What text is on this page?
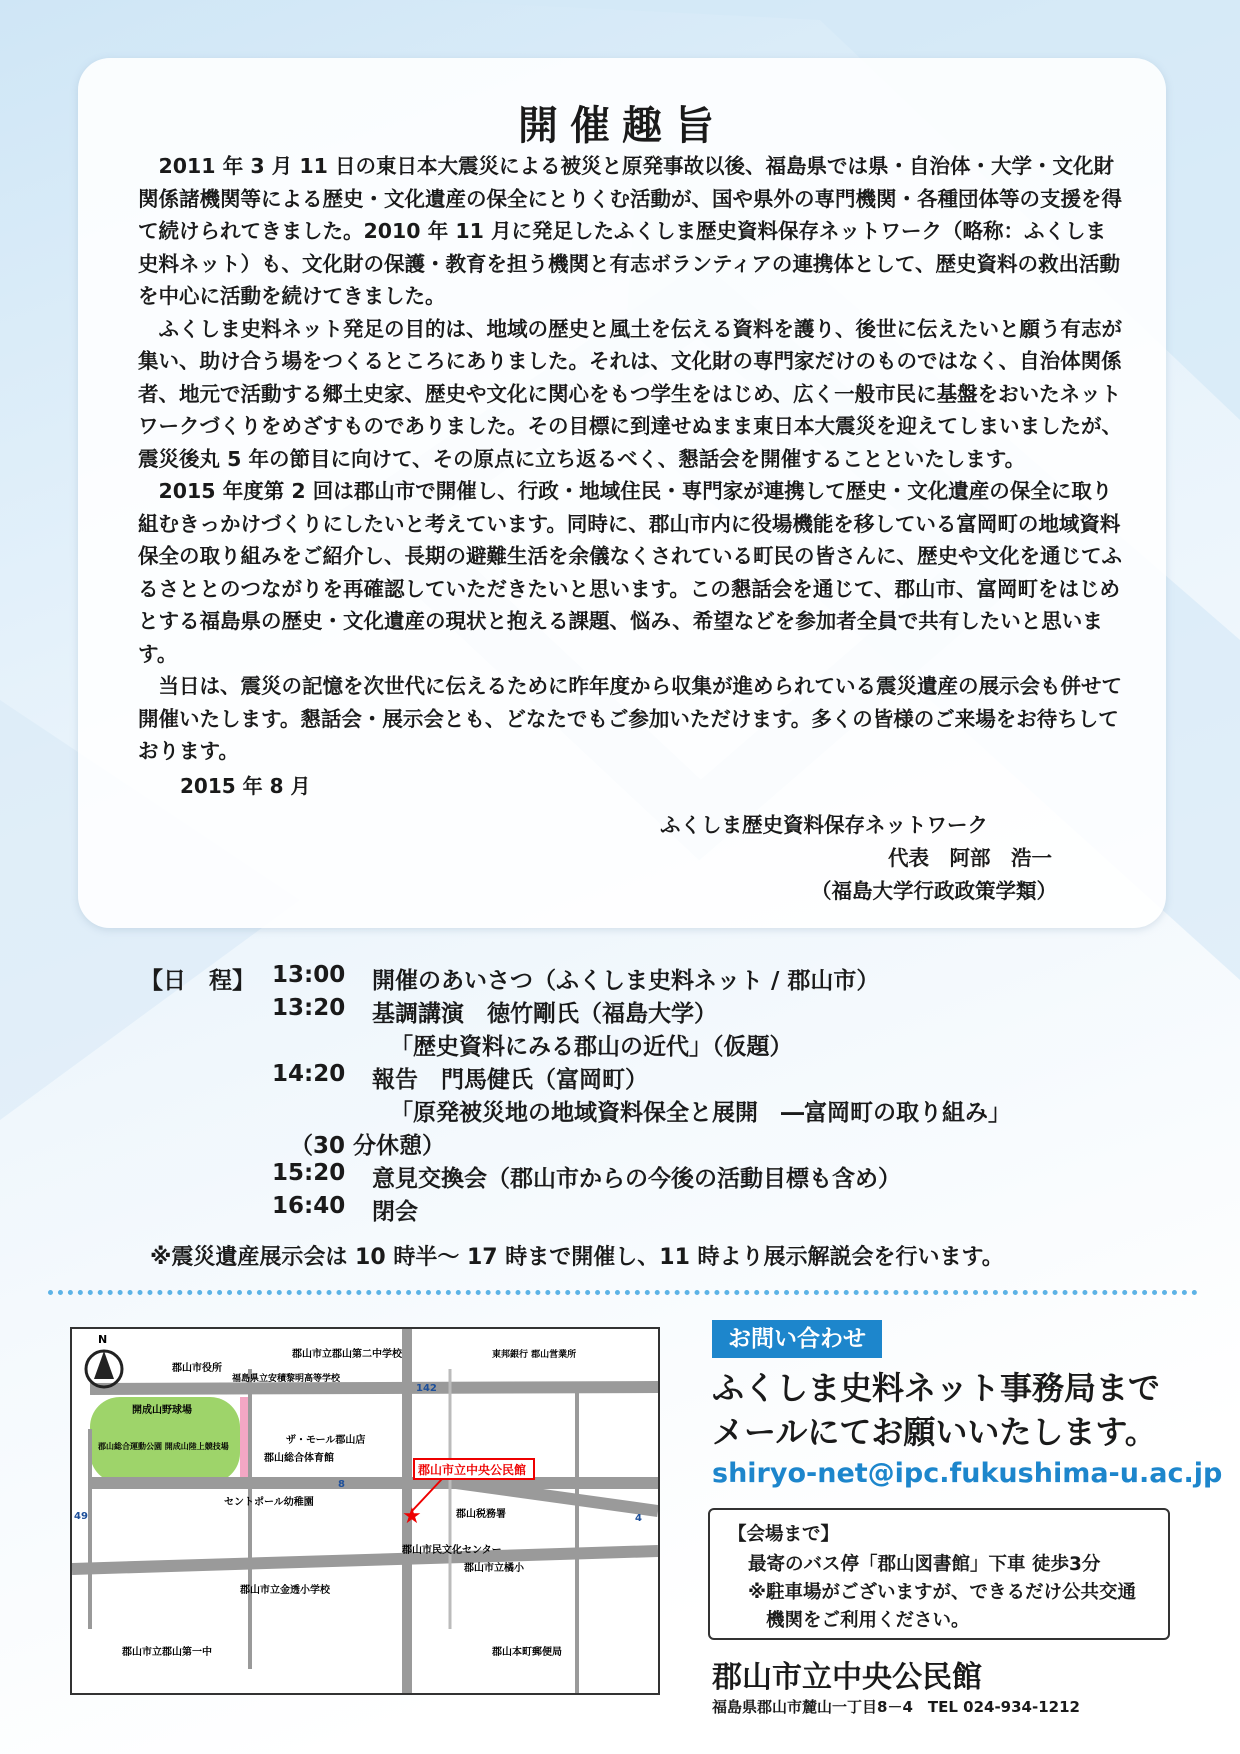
開催趣旨

2011 年 3 月 11 日の東日本大震災による被災と原発事故以後、福島県では県・自治体・大学・文化財関係諸機関等による歴史・文化遺産の保全にとりくむ活動が、国や県外の専門機関・各種団体等の支援を得て続けられてきました。2010 年 11 月に発足したふくしま歴史資料保存ネットワーク（略称：ふくしま史料ネット）も、文化財の保護・教育を担う機関と有志ボランティアの連携体として、歴史資料の救出活動を中心に活動を続けてきました。

ふくしま史料ネット発足の目的は、地域の歴史と風土を伝える資料を護り、後世に伝えたいと願う有志が集い、助け合う場をつくるところにありました。それは、文化財の専門家だけのものではなく、自治体関係者、地元で活動する郷土史家、歴史や文化に関心をもつ学生をはじめ、広く一般市民に基盤をおいたネットワークづくりをめざすものでありました。その目標に到達せぬまま東日本大震災を迎えてしまいましたが、震災後丸 5 年の節目に向けて、その原点に立ち返るべく、懇話会を開催することといたします。

2015 年度第 2 回は郡山市で開催し、行政・地域住民・専門家が連携して歴史・文化遺産の保全に取り組むきっかけづくりにしたいと考えています。同時に、郡山市内に役場機能を移している富岡町の地域資料保全の取り組みをご紹介し、長期の避難生活を余儀なくされている町民の皆さんに、歴史や文化を通じてふるさととのつながりを再確認していただきたいと思います。この懇話会を通じて、郡山市、富岡町をはじめとする福島県の歴史・文化遺産の現状と抱える課題、悩み、希望などを参加者全員で共有したいと思います。

当日は、震災の記憶を次世代に伝えるために昨年度から収集が進められている震災遺産の展示会も併せて開催いたします。懇話会・展示会とも、どなたでもご参加いただけます。多くの皆様のご来場をお待ちしております。

2015 年 8 月
ふくしま歴史資料保存ネットワーク
代表　阿部　浩一
（福島大学行政政策学類）
【日　程】 13:00 開催のあいさつ（ふくしま史料ネット / 郡山市）
13:20 基調講演　徳竹剛氏（福島大学）
「歴史資料にみる郡山の近代」（仮題）
14:20 報告　門馬健氏（富岡町）
「原発被災地の地域資料保全と展開　―富岡町の取り組み」
（30 分休憩）
15:20 意見交換会（郡山市からの今後の活動目標も含め）
16:40 閉会
※震災遺産展示会は 10 時半～ 17 時まで開催し、11 時より展示解説会を行います。
N
郡山市立中央公民館
★
郡山市役所
郡山市立郡山第二中学校
福島県立安積黎明高等学校
東邦銀行 郡山営業所
開成山野球場
郡山総合運動公園 開成山陸上競技場
ザ・モール郡山店
郡山総合体育館
セントポール幼稚園
郡山税務署
郡山市民文化センター
郡山市立橘小
郡山市立金透小学校
郡山市立郡山第一中	郡山本町郵便局
142
8
49	4
お問い合わせ
ふくしま史料ネット事務局まで
メールにてお願いいたします。
shiryo-net@ipc.fukushima-u.ac.jp
【会場まで】
最寄のバス停「郡山図書館」下車 徒歩3分
※駐車場がございますが、できるだけ公共交通
機関をご利用ください。
郡山市立中央公民館
福島県郡山市麓山一丁目8－4　TEL 024-934-1212
